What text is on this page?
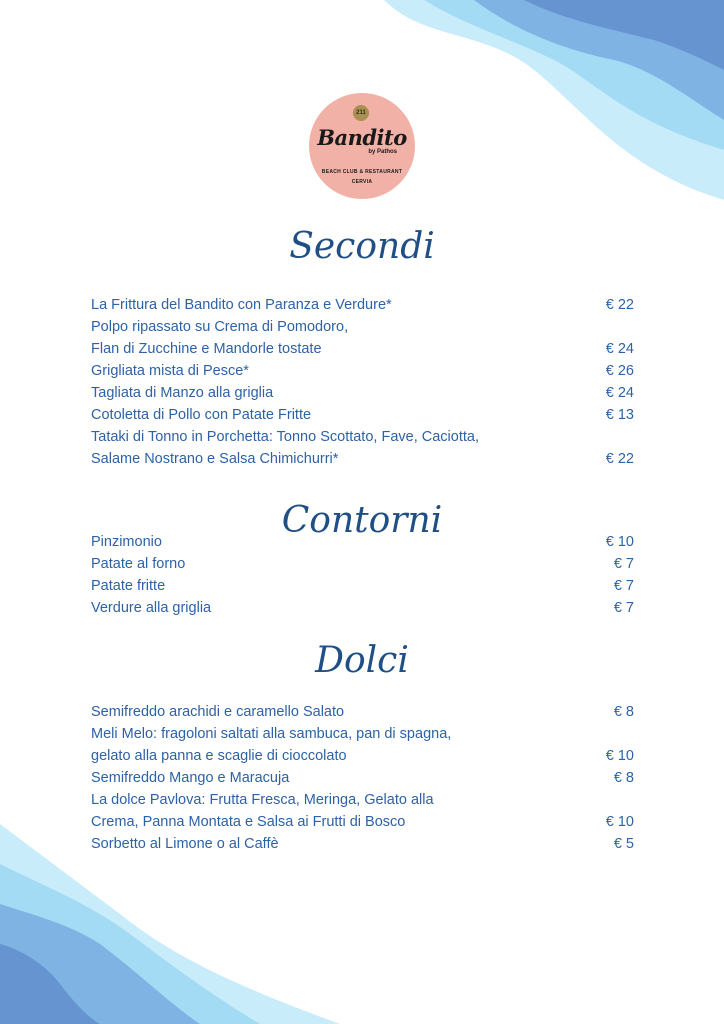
211
Bandito
by Pathos
BEACH CLUB & RESTAURANT
CERVIA
Secondi
La Frittura del Bandito con Paranza e Verdure*	€ 22
Polpo ripassato su Crema di Pomodoro,
Flan di Zucchine e Mandorle tostate	€ 24
Grigliata mista di Pesce*	€ 26
Tagliata di Manzo alla griglia	€ 24
Cotoletta di Pollo con Patate Fritte	€ 13
Tataki di Tonno in Porchetta: Tonno Scottato, Fave, Caciotta,
Salame Nostrano e Salsa Chimichurri*	€ 22
Contorni
Pinzimonio	€ 10
Patate al forno	€ 7
Patate fritte	€ 7
Verdure alla griglia	€ 7
Dolci
Semifreddo arachidi e caramello Salato	€ 8
Meli Melo: fragoloni saltati alla sambuca, pan di spagna,
gelato alla panna e scaglie di cioccolato	€ 10
Semifreddo Mango e Maracuja	€ 8
La dolce Pavlova: Frutta Fresca, Meringa, Gelato alla
Crema, Panna Montata e Salsa ai Frutti di Bosco	€ 10
Sorbetto al Limone o al Caffè	€ 5
